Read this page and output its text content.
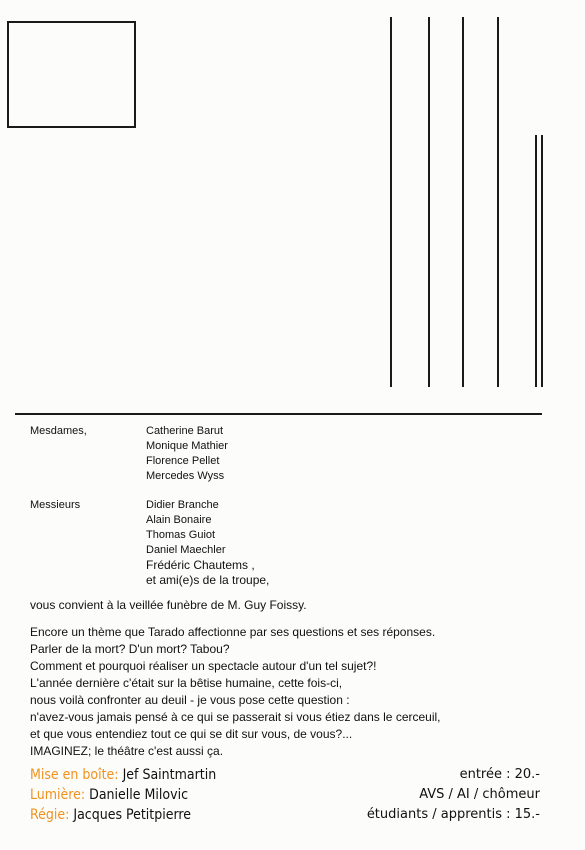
Mesdames,	Catherine Barut
Monique Mathier
Florence Pellet
Mercedes Wyss
Messieurs	Didier Branche
Alain Bonaire
Thomas Guiot
Daniel Maechler
Frédéric Chautems ,
et ami(e)s de la troupe,
vous convient à la veillée funèbre de M. Guy Foissy.
Encore un thème que Tarado affectionne par ses questions et ses réponses.
Parler de la mort? D'un mort? Tabou?
Comment et pourquoi réaliser un spectacle autour d'un tel sujet?!
L'année dernière c'était sur la bêtise humaine, cette fois-ci,
nous voilà confronter au deuil - je vous pose cette question :
n'avez-vous jamais pensé à ce qui se passerait si vous étiez dans le cerceuil,
et que vous entendiez tout ce qui se dit sur vous, de vous?...
IMAGINEZ; le théâtre c'est aussi ça.
Mise en boîte: Jef Saintmartin
Lumière: Danielle Milovic
Régie: Jacques Petitpierre
entrée : 20.-
AVS / AI / chômeur
étudiants / apprentis : 15.-
